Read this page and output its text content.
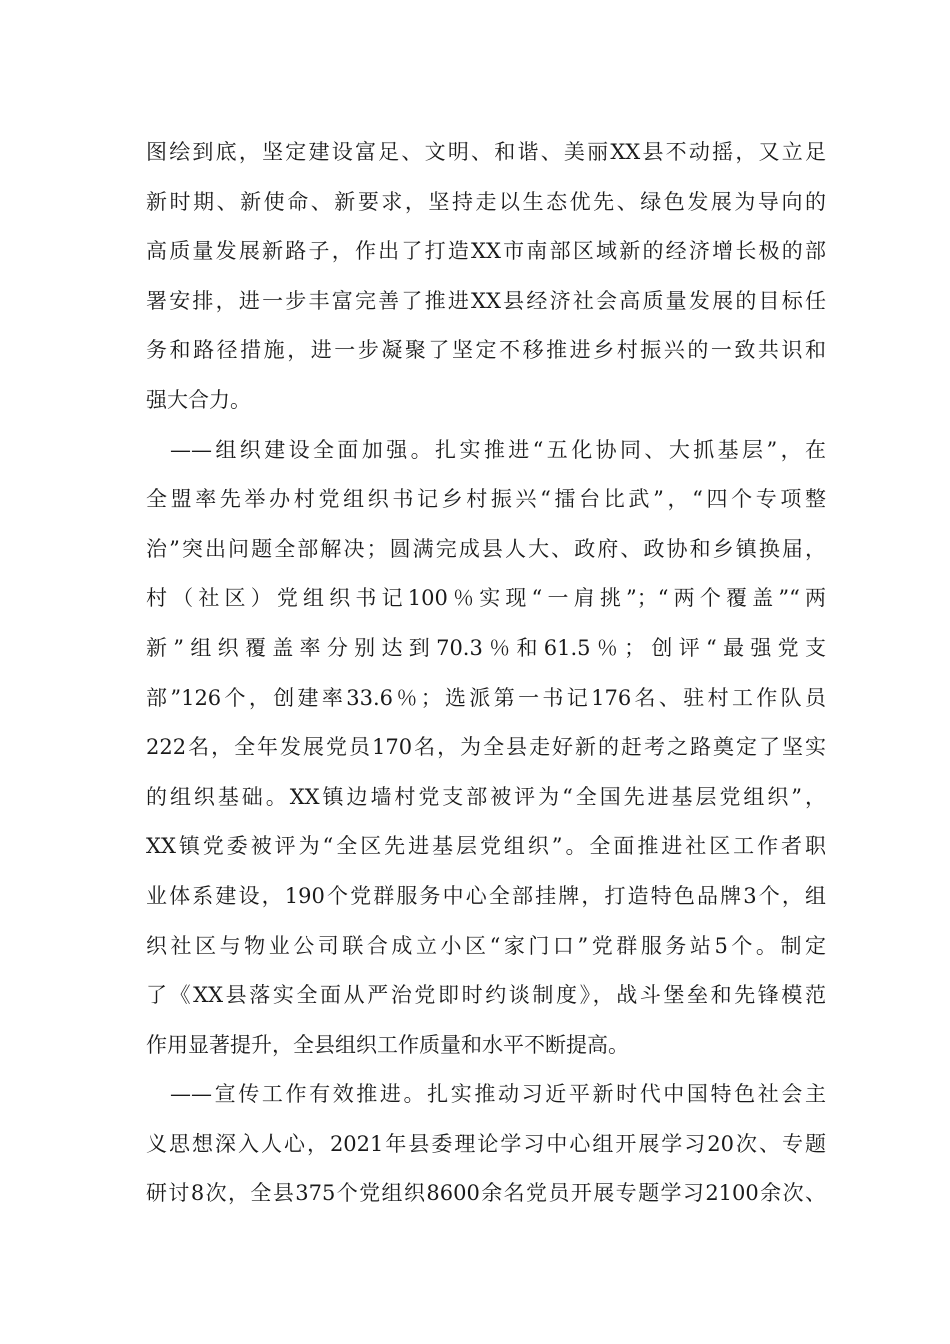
图绘到底，坚定建设富足、文明、和谐、美丽XX县不动摇，又立足
新时期、新使命、新要求，坚持走以生态优先、绿色发展为导向的
高质量发展新路子，作出了打造XX市南部区域新的经济增长极的部
署安排，进一步丰富完善了推进XX县经济社会高质量发展的目标任
务和路径措施，进一步凝聚了坚定不移推进乡村振兴的一致共识和
强大合力。
——组织建设全面加强。扎实推进“五化协同、大抓基层”，在
全盟率先举办村党组织书记乡村振兴“擂台比武”，“四个专项整
治”突出问题全部解决；圆满完成县人大、政府、政协和乡镇换届，
村（社区）党组织书记100％实现“一肩挑”；“两个覆盖”“两
新”组织覆盖率分别达到70.3％和61.5％；创评“最强党支
部”126个，创建率33.6％；选派第一书记176名、驻村工作队员
222名，全年发展党员170名，为全县走好新的赶考之路奠定了坚实
的组织基础。XX镇边墙村党支部被评为“全国先进基层党组织”，
XX镇党委被评为“全区先进基层党组织”。全面推进社区工作者职
业体系建设，190个党群服务中心全部挂牌，打造特色品牌3个，组
织社区与物业公司联合成立小区“家门口”党群服务站5个。制定
了《XX县落实全面从严治党即时约谈制度》，战斗堡垒和先锋模范
作用显著提升，全县组织工作质量和水平不断提高。
——宣传工作有效推进。扎实推动习近平新时代中国特色社会主
义思想深入人心，2021年县委理论学习中心组开展学习20次、专题
研讨8次，全县375个党组织8600余名党员开展专题学习2100余次、
